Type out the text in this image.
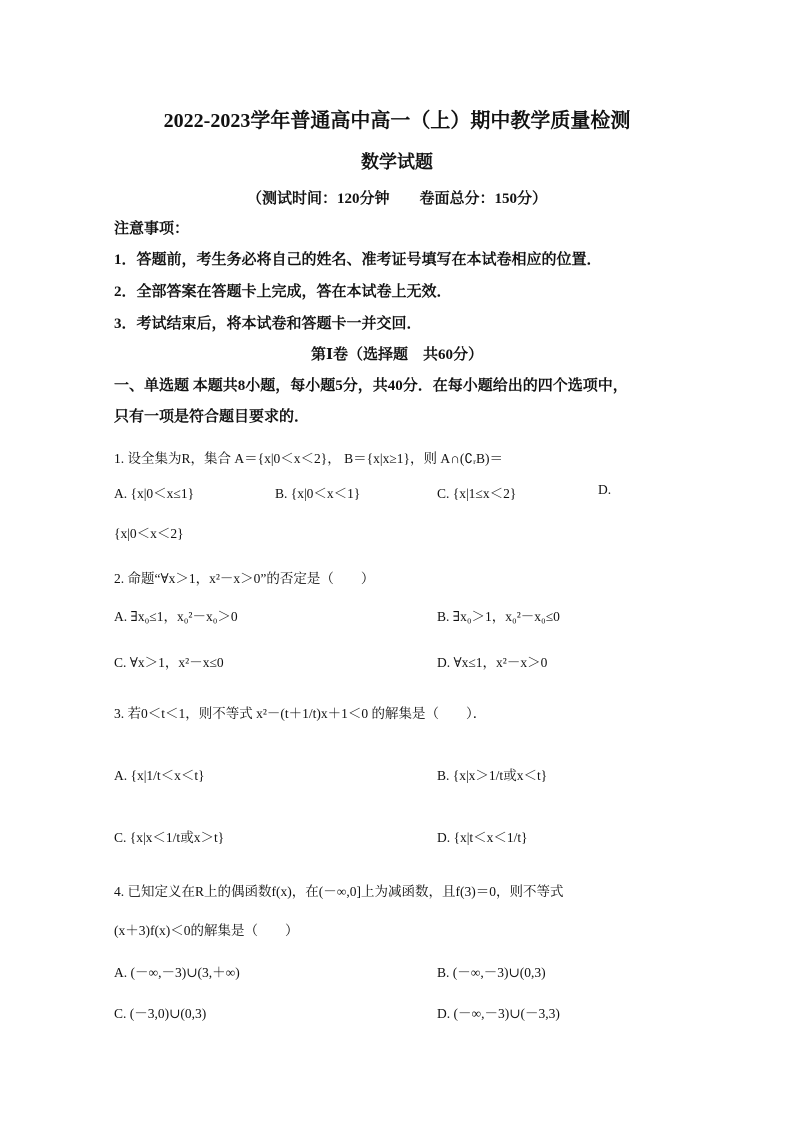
2022-2023学年普通高中高一（上）期中教学质量检测
数学试题
（测试时间：120分钟　　卷面总分：150分）
注意事项：
1．答题前，考生务必将自己的姓名、准考证号填写在本试卷相应的位置．
2．全部答案在答题卡上完成，答在本试卷上无效．
3．考试结束后，将本试卷和答题卡一并交回．
第Ⅰ卷（选择题　共60分）
一、单选题 本题共8小题，每小题5分，共40分．在每小题给出的四个选项中，
只有一项是符合题目要求的．
1. 设全集为R，集合 A＝{x|0＜x＜2}， B＝{x|x≥1}，则 A∩(∁ᵣB)＝
A. {x|0＜x≤1}	B. {x|0＜x＜1}	C. {x|1≤x＜2}	D.
{x|0＜x＜2}
2. 命题“∀x＞1，x²－x＞0”的否定是（　　）
A. ∃x₀≤1，x₀²－x₀＞0	B. ∃x₀＞1，x₀²－x₀≤0
C. ∀x＞1，x²－x≤0	D. ∀x≤1，x²－x＞0
3. 若0＜t＜1，则不等式 x²－(t＋1/t)x＋1＜0 的解集是（　　）．
A. {x|1/t＜x＜t}	B. {x|x＞1/t或x＜t}
C. {x|x＜1/t或x＞t}	D. {x|t＜x＜1/t}
4. 已知定义在R上的偶函数f(x)，在(－∞,0]上为减函数，且f(3)＝0，则不等式
(x＋3)f(x)＜0的解集是（　　）
A. (－∞,－3)∪(3,＋∞)	B. (－∞,－3)∪(0,3)
C. (－3,0)∪(0,3)	D. (－∞,－3)∪(－3,3)
